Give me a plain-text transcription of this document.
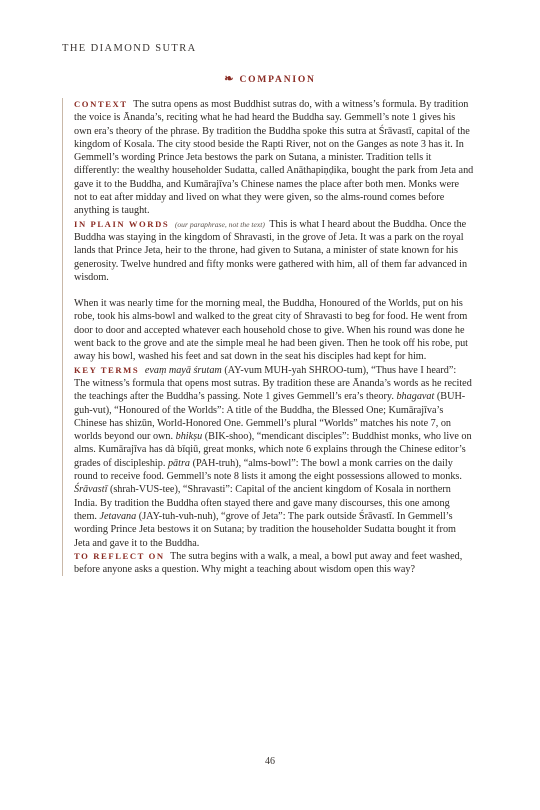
THE DIAMOND SUTRA
❧ COMPANION

CONTEXT The sutra opens as most Buddhist sutras do, with a witness’s formula. By tradition the voice is Ānanda’s, reciting what he had heard the Buddha say. Gemmell’s note 1 gives his own era’s theory of the phrase. By tradition the Buddha spoke this sutra at Śrāvastī, capital of the kingdom of Kosala. The city stood beside the Rapti River, not on the Ganges as note 3 has it. In Gemmell’s wording Prince Jeta bestows the park on Sutana, a minister. Tradition tells it differently: the wealthy householder Sudatta, called Anāthapiṇḍika, bought the park from Jeta and gave it to the Buddha, and Kumārajīva’s Chinese names the place after both men. Monks were not to eat after midday and lived on what they were given, so the alms-round comes before anything is taught.

IN PLAIN WORDS (our paraphrase, not the text) This is what I heard about the Buddha. Once the Buddha was staying in the kingdom of Shravasti, in the grove of Jeta. It was a park on the royal lands that Prince Jeta, heir to the throne, had given to Sutana, a minister of state known for his generosity. Twelve hundred and fifty monks were gathered with him, all of them far advanced in wisdom.

When it was nearly time for the morning meal, the Buddha, Honoured of the Worlds, put on his robe, took his alms-bowl and walked to the great city of Shravasti to beg for food. He went from door to door and accepted whatever each household chose to give. When his round was done he went back to the grove and ate the simple meal he had been given. Then he took off his robe, put away his bowl, washed his feet and sat down in the seat his disciples had kept for him.

KEY TERMS evaṃ mayā śrutam (AY-vum MUH-yah SHROO-tum), “Thus have I heard”: The witness’s formula that opens most sutras. By tradition these are Ānanda’s words as he recited the teachings after the Buddha’s passing. Note 1 gives Gemmell’s era’s theory. bhagavat (BUH-guh-vut), “Honoured of the Worlds”: A title of the Buddha, the Blessed One; Kumārajīva’s Chinese has shìzūn, World-Honored One. Gemmell’s plural “Worlds” matches his note 7, on worlds beyond our own. bhikṣu (BIK-shoo), “mendicant disciples”: Buddhist monks, who live on alms. Kumārajīva has dà bǐqiū, great monks, which note 6 explains through the Chinese editor’s grades of discipleship. pātra (PAH-truh), “alms-bowl”: The bowl a monk carries on the daily round to receive food. Gemmell’s note 8 lists it among the eight possessions allowed to monks. Śrāvastī (shrah-VUS-tee), “Shravasti”: Capital of the ancient kingdom of Kosala in northern India. By tradition the Buddha often stayed there and gave many discourses, this one among them. Jetavana (JAY-tuh-vuh-nuh), “grove of Jeta”: The park outside Śrāvastī. In Gemmell’s wording Prince Jeta bestows it on Sutana; by tradition the householder Sudatta bought it from Jeta and gave it to the Buddha.

TO REFLECT ON The sutra begins with a walk, a meal, a bowl put away and feet washed, before anyone asks a question. Why might a teaching about wisdom open this way?

46
